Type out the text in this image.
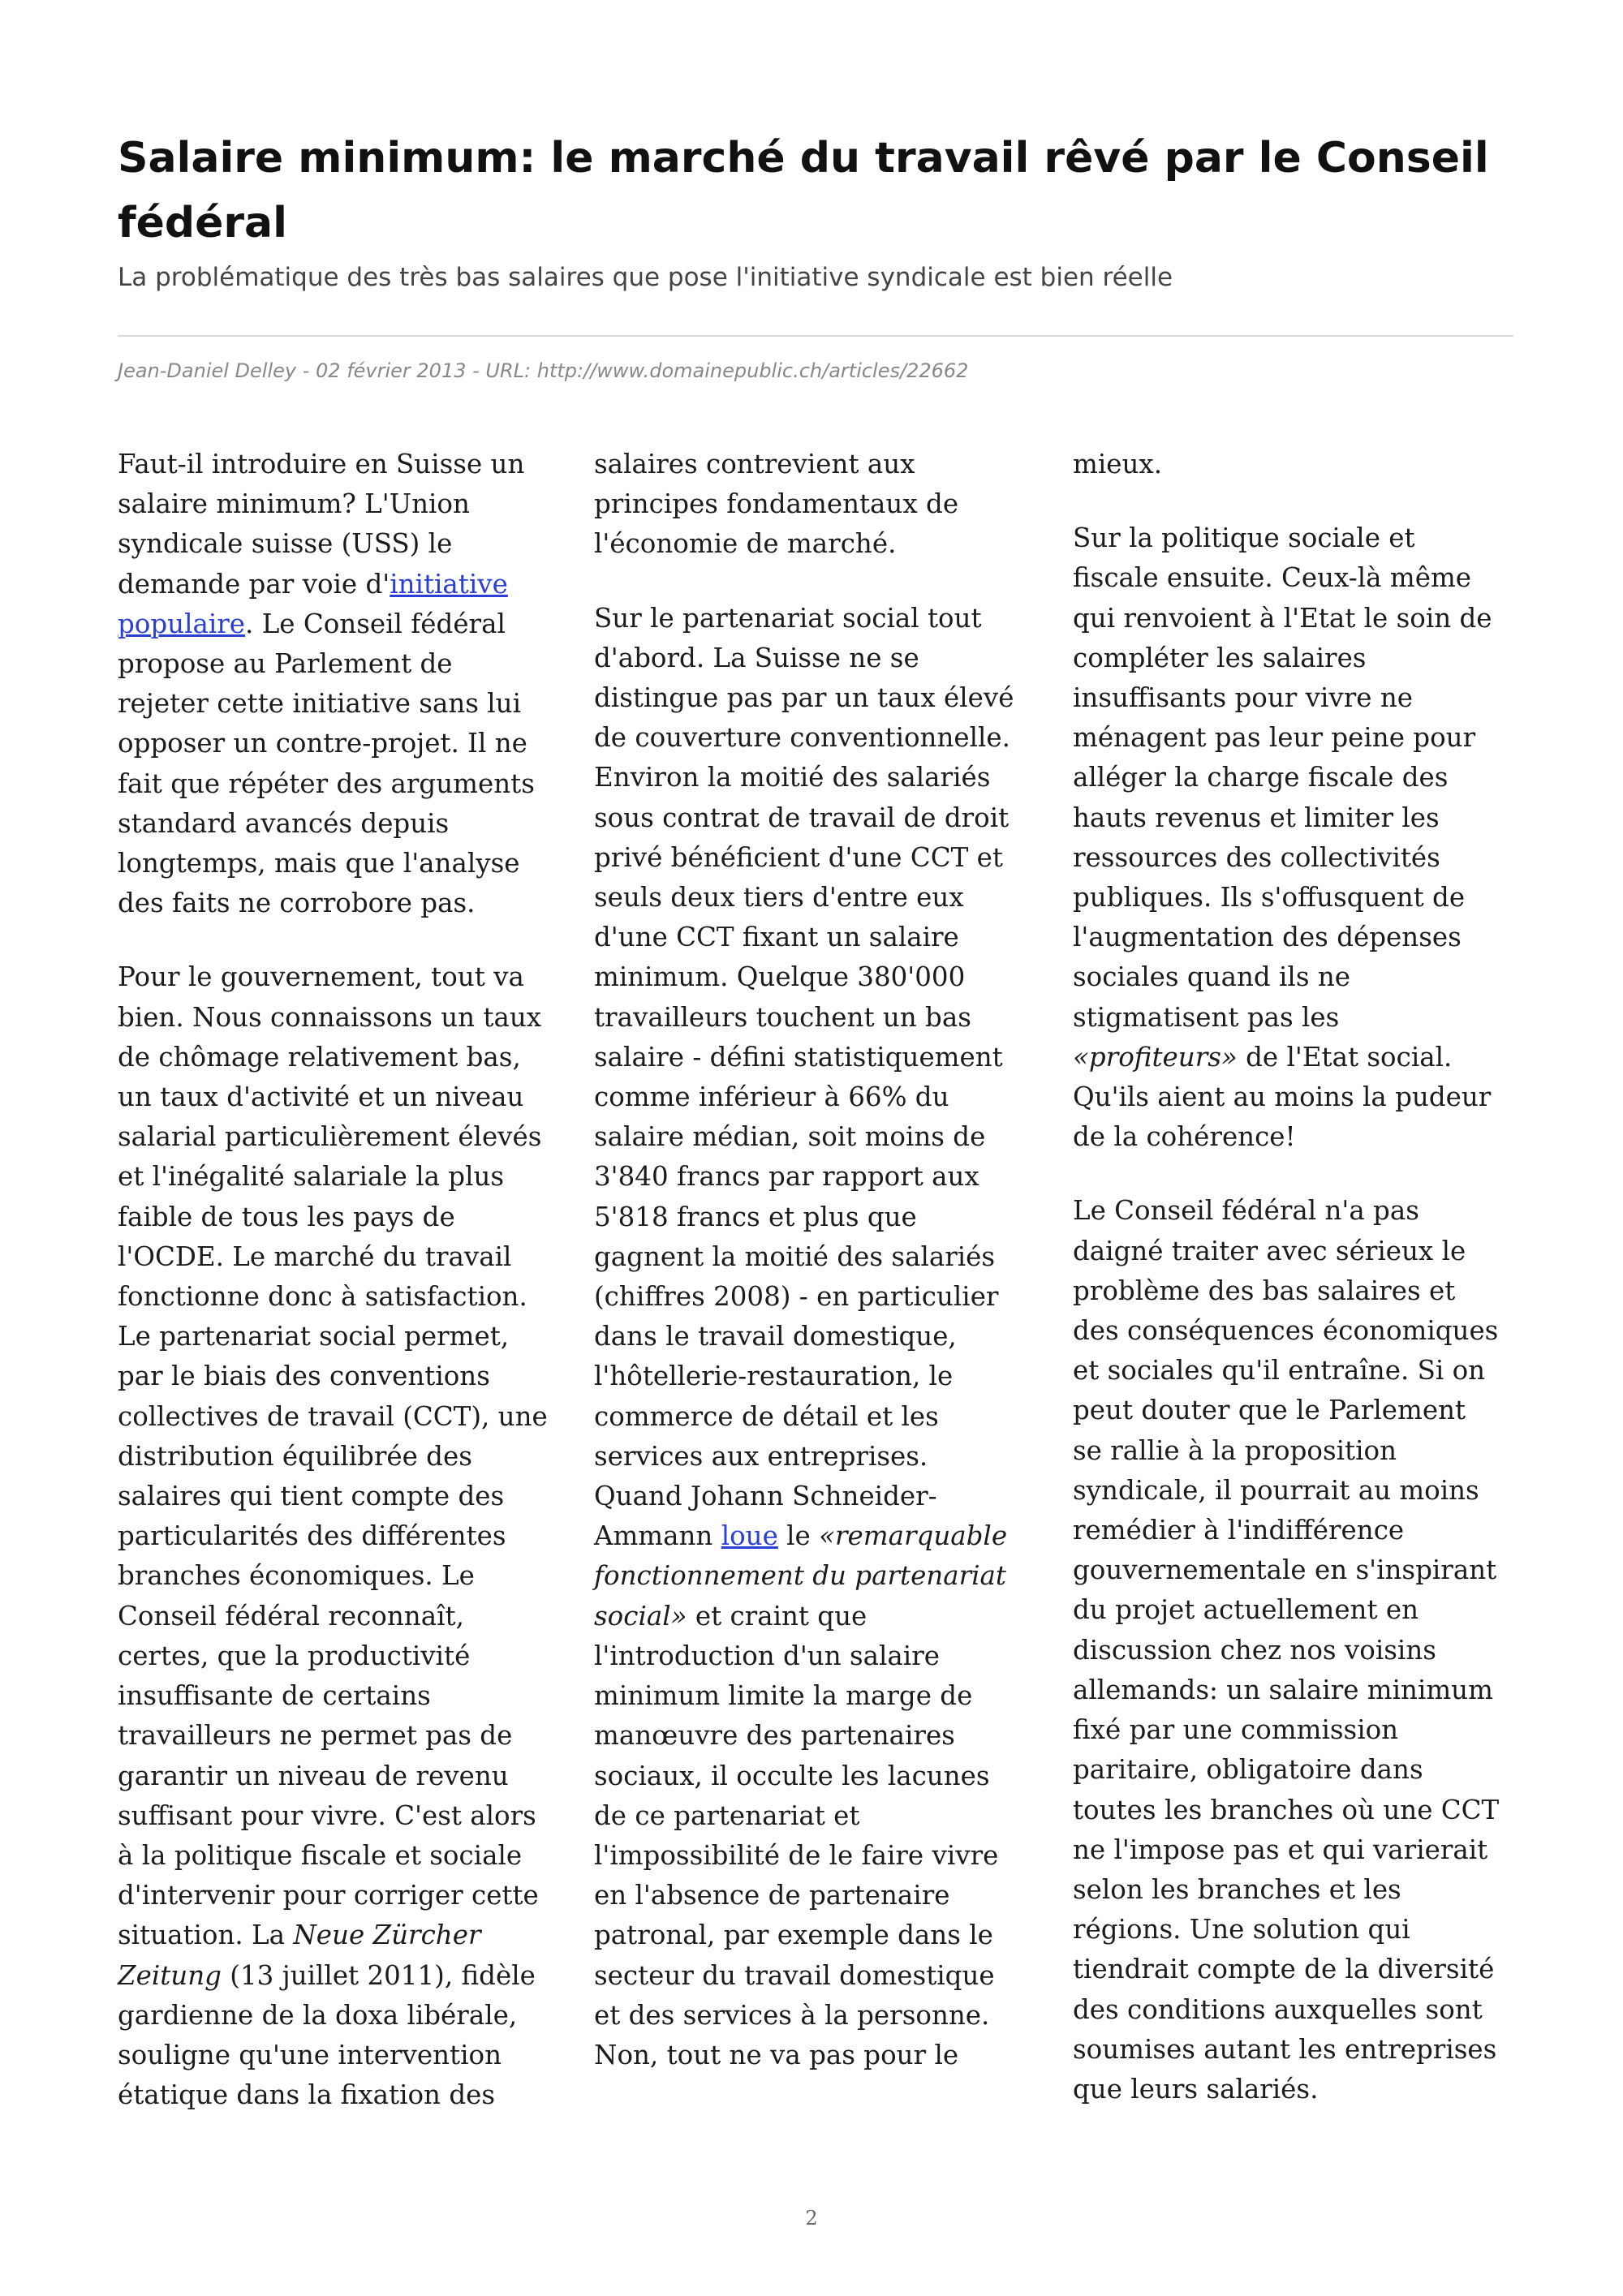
Salaire minimum: le marché du travail rêvé par le Conseil fédéral
La problématique des très bas salaires que pose l'initiative syndicale est bien réelle
Jean-Daniel Delley - 02 février 2013 - URL: http://www.domainepublic.ch/articles/22662

Faut-il introduire en Suisse un salaire minimum? L'Union syndicale suisse (USS) le demande par voie d'initiative populaire. Le Conseil fédéral propose au Parlement de rejeter cette initiative sans lui opposer un contre-projet. Il ne fait que répéter des arguments standard avancés depuis longtemps, mais que l'analyse des faits ne corrobore pas.

Pour le gouvernement, tout va bien. Nous connaissons un taux de chômage relativement bas, un taux d'activité et un niveau salarial particulièrement élevés et l'inégalité salariale la plus faible de tous les pays de l'OCDE. Le marché du travail fonctionne donc à satisfaction. Le partenariat social permet, par le biais des conventions collectives de travail (CCT), une distribution équilibrée des salaires qui tient compte des particularités des différentes branches économiques. Le Conseil fédéral reconnaît, certes, que la productivité insuffisante de certains travailleurs ne permet pas de garantir un niveau de revenu suffisant pour vivre. C'est alors à la politique fiscale et sociale d'intervenir pour corriger cette situation. La Neue Zürcher Zeitung (13 juillet 2011), fidèle gardienne de la doxa libérale, souligne qu'une intervention étatique dans la fixation des

salaires contrevient aux principes fondamentaux de l'économie de marché.

Sur le partenariat social tout d'abord. La Suisse ne se distingue pas par un taux élevé de couverture conventionnelle. Environ la moitié des salariés sous contrat de travail de droit privé bénéficient d'une CCT et seuls deux tiers d'entre eux d'une CCT fixant un salaire minimum. Quelque 380'000 travailleurs touchent un bas salaire - défini statistiquement comme inférieur à 66% du salaire médian, soit moins de 3'840 francs par rapport aux 5'818 francs et plus que gagnent la moitié des salariés (chiffres 2008) - en particulier dans le travail domestique, l'hôtellerie-restauration, le commerce de détail et les services aux entreprises. Quand Johann Schneider-Ammann loue le «remarquable fonctionnement du partenariat social» et craint que l'introduction d'un salaire minimum limite la marge de manœuvre des partenaires sociaux, il occulte les lacunes de ce partenariat et l'impossibilité de le faire vivre en l'absence de partenaire patronal, par exemple dans le secteur du travail domestique et des services à la personne. Non, tout ne va pas pour le

mieux.

Sur la politique sociale et fiscale ensuite. Ceux-là même qui renvoient à l'Etat le soin de compléter les salaires insuffisants pour vivre ne ménagent pas leur peine pour alléger la charge fiscale des hauts revenus et limiter les ressources des collectivités publiques. Ils s'offusquent de l'augmentation des dépenses sociales quand ils ne stigmatisent pas les «profiteurs» de l'Etat social. Qu'ils aient au moins la pudeur de la cohérence!

Le Conseil fédéral n'a pas daigné traiter avec sérieux le problème des bas salaires et des conséquences économiques et sociales qu'il entraîne. Si on peut douter que le Parlement se rallie à la proposition syndicale, il pourrait au moins remédier à l'indifférence gouvernementale en s'inspirant du projet actuellement en discussion chez nos voisins allemands: un salaire minimum fixé par une commission paritaire, obligatoire dans toutes les branches où une CCT ne l'impose pas et qui varierait selon les branches et les régions. Une solution qui tiendrait compte de la diversité des conditions auxquelles sont soumises autant les entreprises que leurs salariés.

2
